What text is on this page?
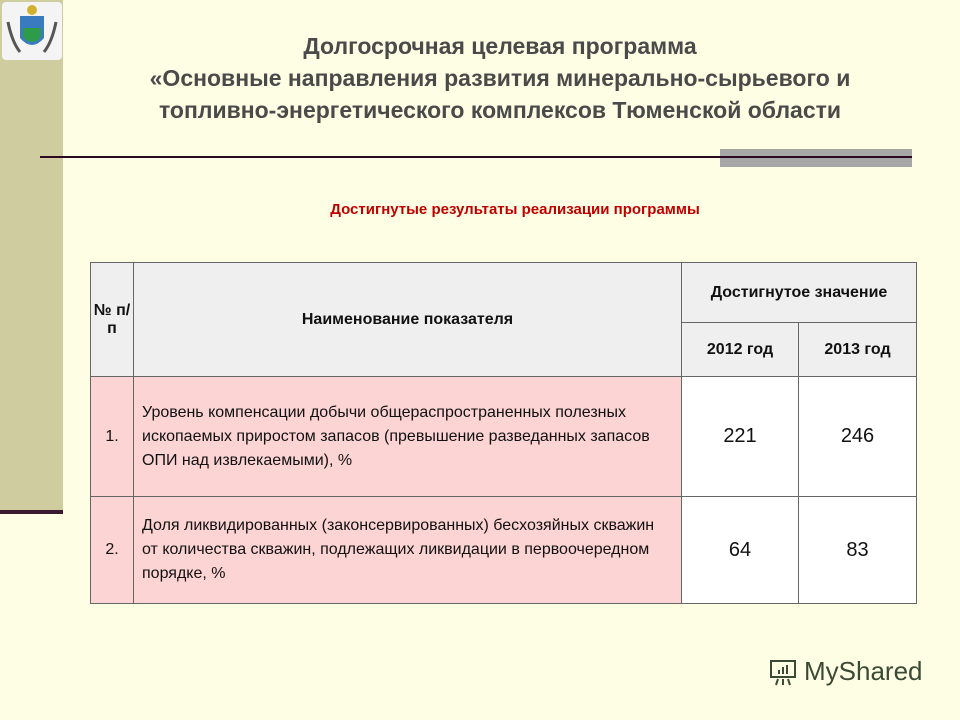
Долгосрочная целевая программа
«Основные направления развития минерально-сырьевого и
топливно-энергетического комплексов Тюменской области
Достигнутые результаты реализации программы
№ п/п	Наименование показателя	Достигнутое значение	
		2012 год	2013 год
1.	Уровень компенсации добычи общераспространенных полезных ископаемых приростом запасов (превышение разведанных запасов ОПИ над извлекаемыми), %	221	246
2.	Доля ликвидированных (законсервированных) бесхозяйных скважин от количества скважин, подлежащих ликвидации в первоочередном порядке, %	64	83
MyShared
